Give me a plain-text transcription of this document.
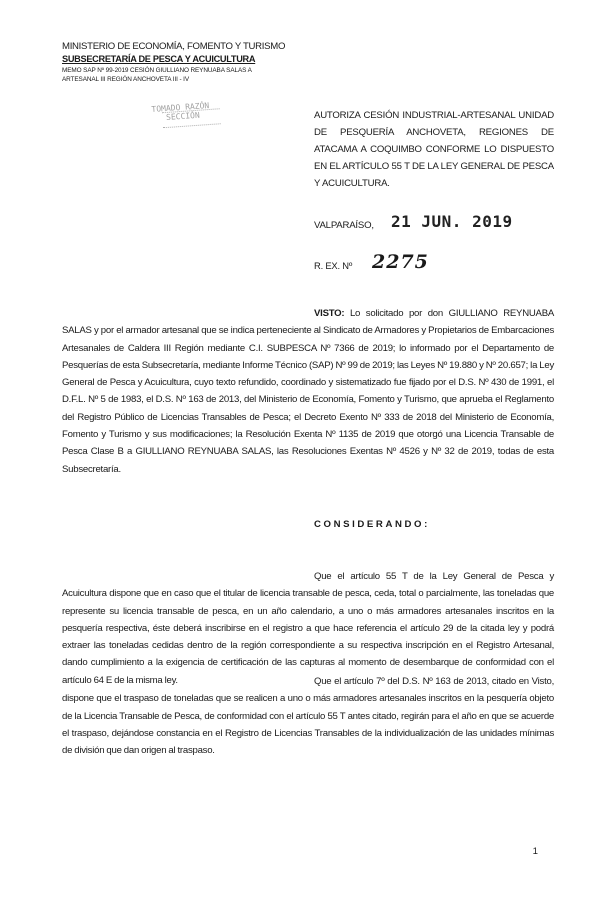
MINISTERIO DE ECONOMÍA, FOMENTO Y TURISMO
SUBSECRETARÍA DE PESCA Y ACUICULTURA
MEMO SAP Nº 99-2019 CESIÓN GIULLIANO REYNUABA SALAS A
ARTESANAL III REGIÓN ANCHOVETA III - IV
TOMADO RAZÓN
SECCIÓN	AUTORIZA CESIÓN INDUSTRIAL-ARTESANAL UNIDAD DE PESQUERÍA ANCHOVETA, REGIONES DE ATACAMA A COQUIMBO CONFORME LO DISPUESTO EN EL ARTÍCULO 55 T DE LA LEY GENERAL DE PESCA Y ACUICULTURA.
VALPARAÍSO, 21 JUN. 2019
R. EX. Nº 2275
VISTO: Lo solicitado por don GIULLIANO REYNUABA SALAS y por el armador artesanal que se indica perteneciente al Sindicato de Armadores y Propietarios de Embarcaciones Artesanales de Caldera III Región mediante C.I. SUBPESCA Nº 7366 de 2019; lo informado por el Departamento de Pesquerías de esta Subsecretaría, mediante Informe Técnico (SAP) Nº 99 de 2019; las Leyes Nº 19.880 y Nº 20.657; la Ley General de Pesca y Acuicultura, cuyo texto refundido, coordinado y sistematizado fue fijado por el D.S. Nº 430 de 1991, el D.F.L. Nº 5 de 1983, el D.S. Nº 163 de 2013, del Ministerio de Economía, Fomento y Turismo, que aprueba el Reglamento del Registro Público de Licencias Transables de Pesca; el Decreto Exento Nº 333 de 2018 del Ministerio de Economía, Fomento y Turismo y sus modificaciones; la Resolución Exenta Nº 1135 de 2019 que otorgó una Licencia Transable de Pesca Clase B a GIULLIANO REYNUABA SALAS, las Resoluciones Exentas Nº 4526 y Nº 32 de 2019, todas de esta Subsecretaría.
CONSIDERANDO:
Que el artículo 55 T de la Ley General de Pesca y Acuicultura dispone que en caso que el titular de licencia transable de pesca, ceda, total o parcialmente, las toneladas que represente su licencia transable de pesca, en un año calendario, a uno o más armadores artesanales inscritos en la pesquería respectiva, éste deberá inscribirse en el registro a que hace referencia el artículo 29 de la citada ley y podrá extraer las toneladas cedidas dentro de la región correspondiente a su respectiva inscripción en el Registro Artesanal, dando cumplimiento a la exigencia de certificación de las capturas al momento de desembarque de conformidad con el artículo 64 E de la misma ley.	Que el artículo 7º del D.S. Nº 163 de 2013, citado en Visto, dispone que el traspaso de toneladas que se realicen a uno o más armadores artesanales inscritos en la pesquería objeto de la Licencia Transable de Pesca, de conformidad con el artículo 55 T antes citado, regirán para el año en que se acuerde el traspaso, dejándose constancia en el Registro de Licencias Transables de la individualización de las unidades mínimas de división que dan origen al traspaso.
1
